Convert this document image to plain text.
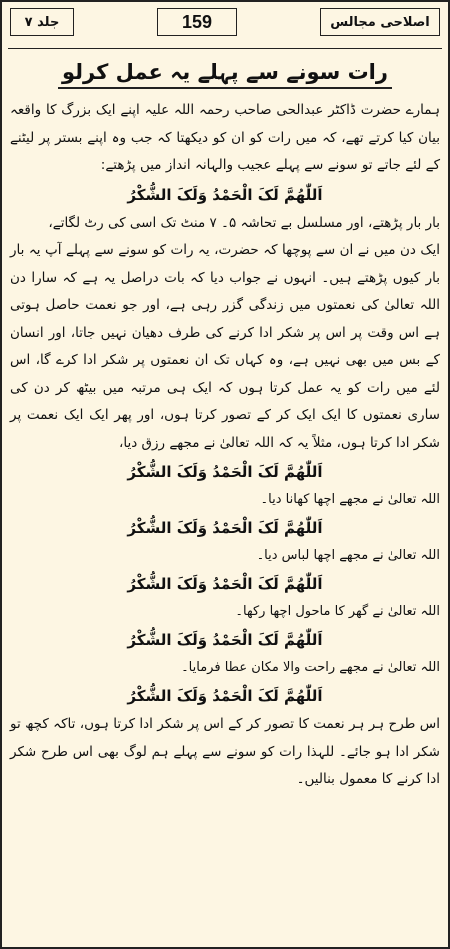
جلد ۷	159	اصلاحی مجالس
رات سونے سے پہلے یہ عمل کرلو

ہمارے حضرت ڈاکٹر عبدالحی صاحب رحمہ اللہ علیہ اپنے ایک بزرگ کا واقعہ بیان کیا کرتے تھے، کہ میں رات کو ان کو دیکھتا کہ جب وہ اپنے بستر پر لیٹنے کے لئے جاتے تو سونے سے پہلے عجیب والہانہ انداز میں پڑھتے:

اَللّٰھُمَّ لَکَ الْحَمْدُ وَلَکَ الشُّکْرُ

بار بار پڑھتے، اور مسلسل بے تحاشہ ۵۔ ۷ منٹ تک اسی کی رٹ لگاتے،

ایک دن میں نے ان سے پوچھا کہ حضرت، یہ رات کو سونے سے پہلے آپ یہ بار بار کیوں پڑھتے ہیں۔ انہوں نے جواب دیا کہ بات دراصل یہ ہے کہ سارا دن اللہ تعالیٰ کی نعمتوں میں زندگی گزر رہی ہے، اور جو نعمت حاصل ہوتی ہے اس وقت پر اس پر شکر ادا کرنے کی طرف دھیان نہیں جاتا، اور انسان کے بس میں بھی نہیں ہے، وہ کہاں تک ان نعمتوں پر شکر ادا کرے گا، اس لئے میں رات کو یہ عمل کرتا ہوں کہ ایک ہی مرتبہ میں بیٹھ کر دن کی ساری نعمتوں کا ایک ایک کر کے تصور کرتا ہوں، اور پھر ایک ایک نعمت پر شکر ادا کرتا ہوں، مثلاً یہ کہ اللہ تعالیٰ نے مجھے رزق دیا،

اَللّٰھُمَّ لَکَ الْحَمْدُ وَلَکَ الشُّکْرُ

اللہ تعالیٰ نے مجھے اچھا کھانا دیا۔

اَللّٰھُمَّ لَکَ الْحَمْدُ وَلَکَ الشُّکْرُ

اللہ تعالیٰ نے مجھے اچھا لباس دیا۔

اَللّٰھُمَّ لَکَ الْحَمْدُ وَلَکَ الشُّکْرُ

اللہ تعالیٰ نے گھر کا ماحول اچھا رکھا۔

اَللّٰھُمَّ لَکَ الْحَمْدُ وَلَکَ الشُّکْرُ

اللہ تعالیٰ نے مجھے راحت والا مکان عطا فرمایا۔

اَللّٰھُمَّ لَکَ الْحَمْدُ وَلَکَ الشُّکْرُ

اس طرح ہر ہر نعمت کا تصور کر کے اس پر شکر ادا کرتا ہوں، تاکہ کچھ تو شکر ادا ہو جائے۔ للہذا رات کو سونے سے پہلے ہم لوگ بھی اس طرح شکر ادا کرنے کا معمول بنالیں۔
